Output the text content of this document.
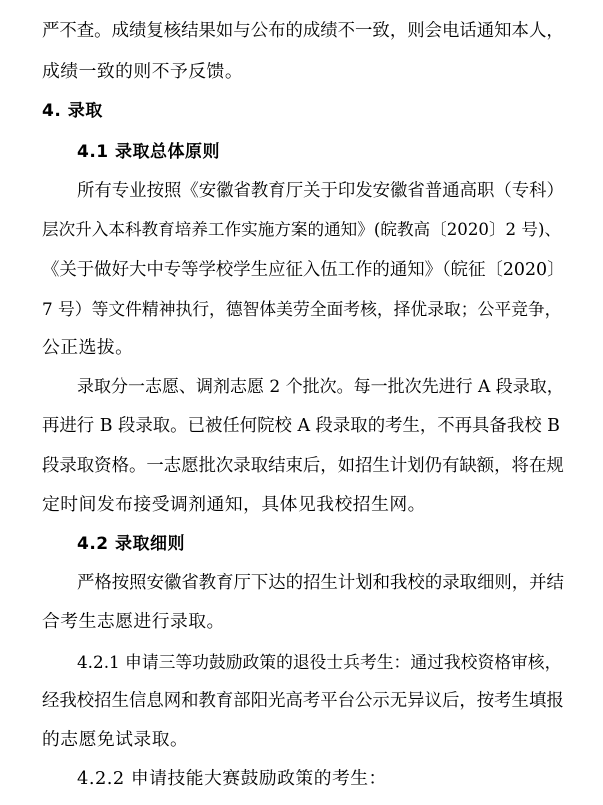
严不查。成绩复核结果如与公布的成绩不一致，则会电话通知本人，
成绩一致的则不予反馈。
4. 录取
4.1 录取总体原则
所有专业按照《安徽省教育厅关于印发安徽省普通高职（专科）
层次升入本科教育培养工作实施方案的通知》(皖教高〔2020〕2 号)、
《关于做好大中专等学校学生应征入伍工作的通知》（皖征〔2020〕
7 号）等文件精神执行，德智体美劳全面考核，择优录取；公平竞争，
公正选拔。
录取分一志愿、调剂志愿 2 个批次。每一批次先进行 A 段录取，
再进行 B 段录取。已被任何院校 A 段录取的考生，不再具备我校 B
段录取资格。一志愿批次录取结束后，如招生计划仍有缺额，将在规
定时间发布接受调剂通知，具体见我校招生网。
4.2 录取细则
严格按照安徽省教育厅下达的招生计划和我校的录取细则，并结
合考生志愿进行录取。
4.2.1 申请三等功鼓励政策的退役士兵考生：通过我校资格审核，
经我校招生信息网和教育部阳光高考平台公示无异议后，按考生填报
的志愿免试录取。
4.2.2 申请技能大赛鼓励政策的考生：
